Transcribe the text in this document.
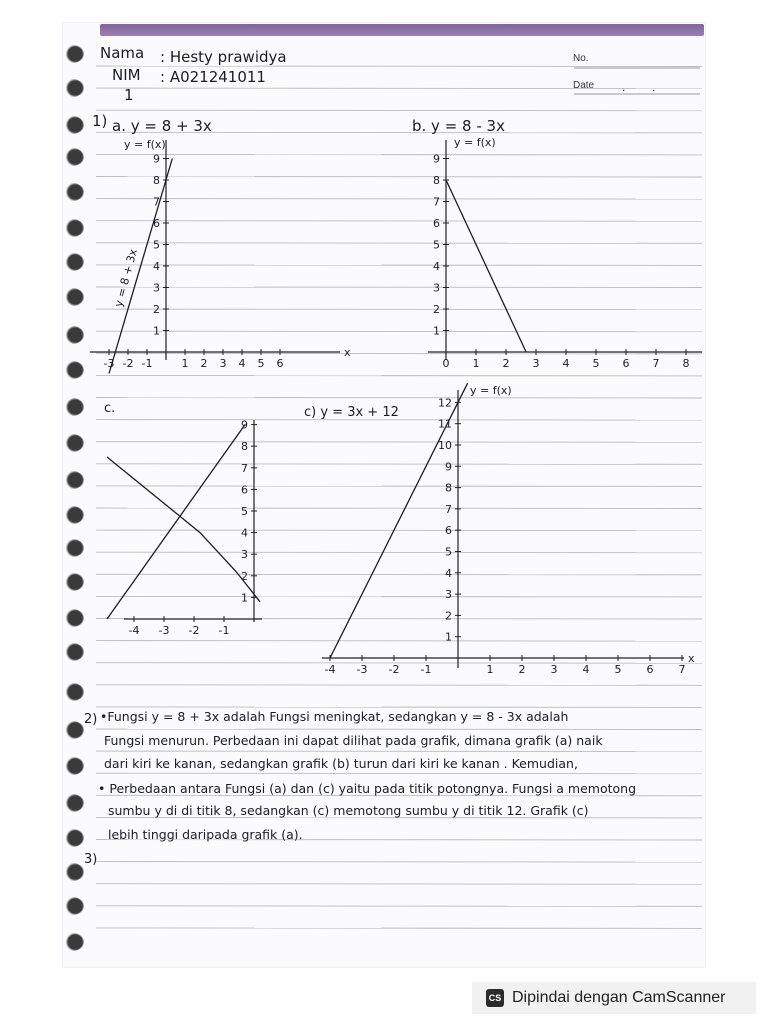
Nama : Hesty prawidya
NIM : A021241011
1
No.
Date .        .
1) a. y = 8 + 3x	b. y = 8 - 3x
c.	c) y = 3x + 12
y = f(x)
y = 8 + 3x
y = f(x)
y = f(x)
-3 -2 -1	1 2 3 4 5 6
1
2
3
4
5
6
7
8
9
x
0 1 2 3 4 5 6 7 8
1
2
3
4
5
6
7
8
9
-4 -3 -2 -1
1
2
3
4
5
6
7
8
9
-4 -3 -2 -1	1 2 3 4 5 6 7
1
2
3
4
5
6
7
8
9
10
11
12
x
2) •Fungsi y = 8 + 3x adalah Fungsi meningkat, sedangkan y = 8 - 3x adalah
Fungsi menurun. Perbedaan ini dapat dilihat pada grafik, dimana grafik (a) naik
dari kiri ke kanan, sedangkan grafik (b) turun dari kiri ke kanan . Kemudian,
• Perbedaan antara Fungsi (a) dan (c) yaitu pada titik potongnya. Fungsi a memotong
sumbu y di di titik 8, sedangkan (c) memotong sumbu y di titik 12. Grafik (c)
lebih tinggi daripada grafik (a).
3)
CS Dipindai dengan CamScanner
